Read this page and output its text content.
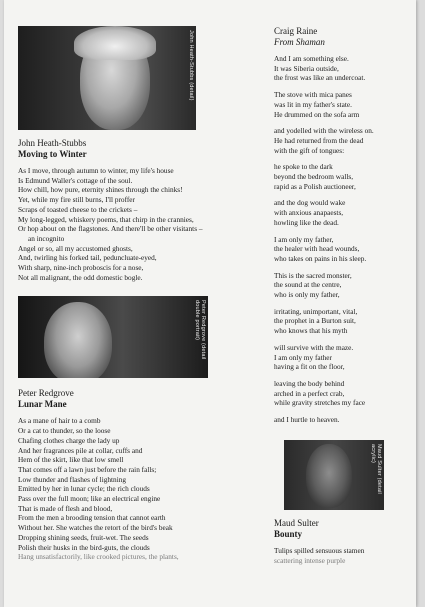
John Heath-Stubbs (detail)

John Heath-Stubbs

Moving to Winter

As I move, through autumn to winter, my life's house
Is Edmund Waller's cottage of the soul.
How chill, how pure, eternity shines through the chinks!
Yet, while my fire still burns, I'll proffer
Scraps of toasted cheese to the crickets –
My long-legged, whiskery poems, that chirp in the crannies,
Or hop about on the flagstones. And there'll be other visitants –
an incognito
Angel or so, all my accustomed ghosts,
And, twirling his forked tail, peduncluate-eyed,
With sharp, nine-inch proboscis for a nose,
Not all malignant, the odd domestic bogle.
Peter Redgrove (detail double portrait)

Peter Redgrove

Lunar Mane

As a mane of hair to a comb
Or a cat to thunder, so the loose
Chafing clothes charge the lady up
And her fragrances pile at collar, cuffs and
Hem of the skirt, like that low smell
That comes off a lawn just before the rain falls;
Low thunder and flashes of lightning
Emitted by her in lunar cycle; the rich clouds
Pass over the full moon; like an electrical engine
That is made of flesh and blood,
From the men a brooding tension that cannot earth
Without her. She watches the retort of the bird's beak
Dropping shining seeds, fruit-wet. The seeds
Polish their husks in the bird-guts, the clouds
Hang unsatisfactorily, like crooked pictures, the plants,

Craig Raine

From Shaman

And I am something else.
It was Siberia outside,
the frost was like an undercoat.
The stove with mica panes
was lit in my father's state.
He drummed on the sofa arm
and yodelled with the wireless on.
He had returned from the dead
with the gift of tongues:
he spoke to the dark
beyond the bedroom walls,
rapid as a Polish auctioneer,
and the dog would wake
with anxious anapaests,
howling like the dead.
I am only my father,
the healer with head wounds,
who takes on pains in his sleep.
This is the sacred monster,
the sound at the centre,
who is only my father,
irritating, unimportant, vital,
the prophet in a Burton suit,
who knows that his myth
will survive with the maze.
I am only my father
having a fit on the floor,
leaving the body behind
arched in a perfect crab,
while gravity stretches my face
and I hurtle to heaven.
Maud Sulter (detail acrylic)

Maud Sulter

Bounty

Tulips spilled sensuous stamen
scattering intense purple
